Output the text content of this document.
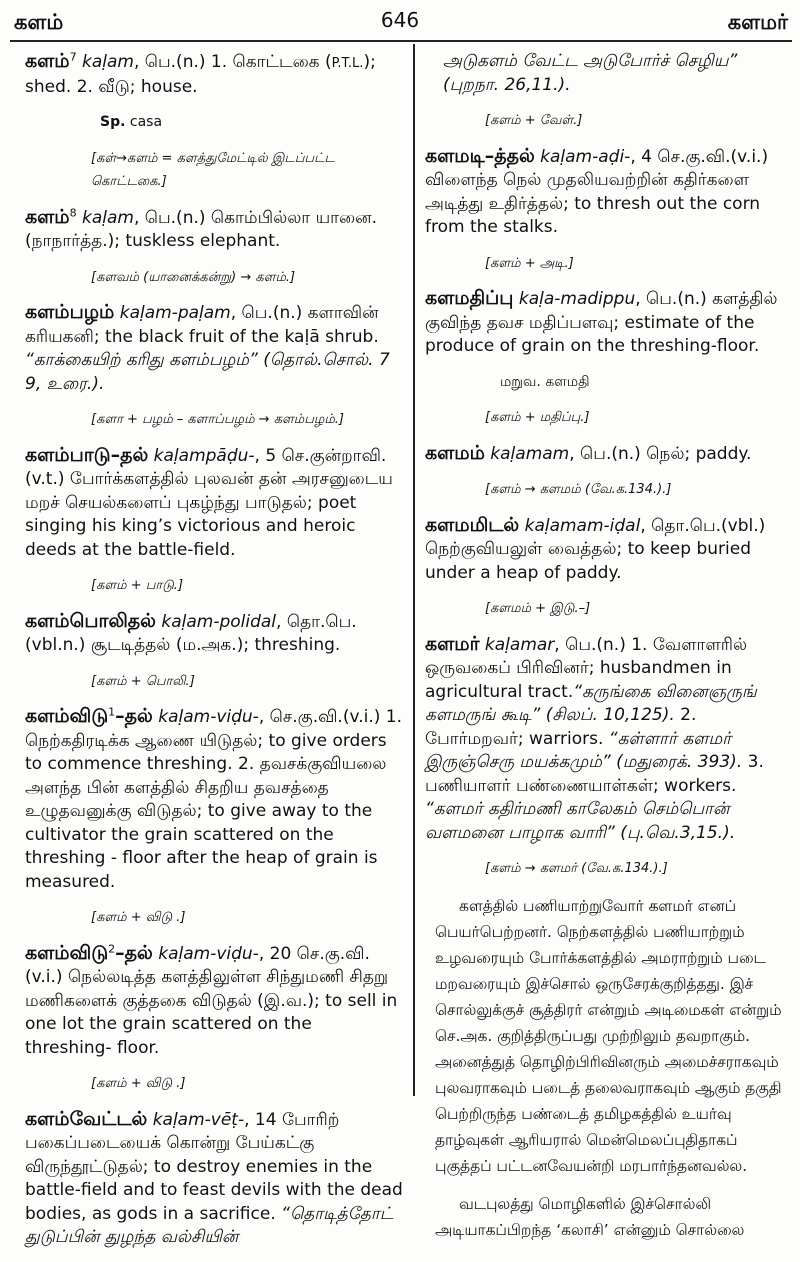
களம்	646	களமர்

களம்$^7$ kaḷam, பெ.(n.) 1. கொட்டகை (P.T.L.); shed. 2. வீடு; house.

Sp. casa

[கள்→களம் = களத்துமேட்டில் இடப்பட்ட கொட்டகை.]

களம்$^8$ kaḷam, பெ.(n.) கொம்பில்லா யானை. (நாநார்த்த.); tuskless elephant.

[களவம் (யானைக்கன்று) → களம்.]

களம்பழம் kaḷam-paḷam, பெ.(n.) களாவின் கரியகனி; the black fruit of the kaḷā shrub. “காக்கையிற் கரிது களம்பழம்” (தொல்.சொல். 7 9, உரை.).

[களா + பழம் – களாப்பழம் → களம்பழம்.]

களம்பாடு–தல் kaḷampāḍu-, 5 செ.குன்றாவி. (v.t.) போர்க்களத்தில் புலவன் தன் அரசனுடைய மறச் செயல்களைப் புகழ்ந்து பாடுதல்; poet singing his king’s victorious and heroic deeds at the battle-field.

[களம் + பாடு.]

களம்பொலிதல் kaḷam-polidal, தொ.பெ.(vbl.n.) சூடடித்தல் (ம.அக.); threshing.

[களம் + பொலி.]

களம்விடு$^1$–தல் kaḷam-viḍu-, செ.கு.வி.(v.i.) 1. நெற்கதிரடிக்க ஆணை யிடுதல்; to give orders to commence threshing. 2. தவசக்குவியலை அளந்த பின் களத்தில் சிதறிய தவசத்தை உழுதவனுக்கு விடுதல்; to give away to the cultivator the grain scattered on the threshing - floor after the heap of grain is measured.

[களம் + விடு .]

களம்விடு$^2$–தல் kaḷam-viḍu-, 20 செ.கு.வி.(v.i.) நெல்லடித்த களத்திலுள்ள சிந்துமணி சிதறு மணிகளைக் குத்தகை விடுதல் (இ.வ.); to sell in one lot the grain scattered on the threshing- floor.

[களம் + விடு .]

களம்வேட்டல் kaḷam-vēṭ-, 14 போரிற் பகைப்படையைக் கொன்று பேய்கட்கு விருந்தூட்டுதல்; to destroy enemies in the battle-field and to feast devils with the dead bodies, as gods in a sacrifice. “தொடித்தோட் துடுப்பின் துழந்த வல்சியின்

அடுகளம் வேட்ட அடுபோர்ச் செழிய” (புறநா. 26,11.).

[களம் + வேள்.]

களமடி–த்தல் kaḷam-aḍi-, 4 செ.கு.வி.(v.i.) விளைந்த நெல் முதலியவற்றின் கதிர்களை அடித்து உதிர்த்தல்; to thresh out the corn from the stalks.

[களம் + அடி.]

களமதிப்பு kaḷa-madippu, பெ.(n.) களத்தில் குவிந்த தவச மதிப்பளவு; estimate of the produce of grain on the threshing-floor.

மறுவ. களமதி

[களம் + மதிப்பு.]

களமம் kaḷamam, பெ.(n.) நெல்; paddy.

[களம் → களமம் (வே.க.134.).]

களமமிடல் kaḷamam-iḍal, தொ.பெ.(vbl.) நெற்குவியலுள் வைத்தல்; to keep buried under a heap of paddy.

[களமம் + இடு.–]

களமர் kaḷamar, பெ.(n.) 1. வேளாளரில் ஒருவகைப் பிரிவினர்; husbandmen in agricultural tract.“கருங்கை வினைஞருங் களமருங் கூடி” (சிலப். 10,125). 2. போர்மறவர்; warriors. “கள்ளார் களமர் இருஞ்செரு மயக்கமும்” (மதுரைக். 393). 3. பணியாளர் பண்ணையாள்கள்; workers. “களமர் கதிர்மணி காலேகம் செம்பொன் வளமனை பாழாக வாரி” (பு.வெ.3,15.).

[களம் → களமர் (வே.க.134.).]

களத்தில் பணியாற்றுவோர் களமர் எனப் பெயர்பெற்றனர். நெற்களத்தில் பணியாற்றும் உழவரையும் போர்க்களத்தில் அமராற்றும் படை மறவரையும் இச்சொல் ஒருசேரக்குறித்தது. இச் சொல்லுக்குச் சூத்திரர் என்றும் அடிமைகள் என்றும் செ.அக. குறித்திருப்பது முற்றிலும் தவறாகும். அனைத்துத் தொழிற்பிரிவினரும் அமைச்சராகவும் புலவராகவும் படைத் தலைவராகவும் ஆகும் தகுதி பெற்றிருந்த பண்டைத் தமிழகத்தில் உயர்வு தாழ்வுகள் ஆரியரால் மென்மெலப்புதிதாகப் புகுத்தப் பட்டனவேயன்றி மரபார்ந்தனவல்ல.

வடபுலத்து மொழிகளில் இச்சொல்லி
அடியாகப்பிறந்த ‘கலாசி’ என்னும் சொல்லை
